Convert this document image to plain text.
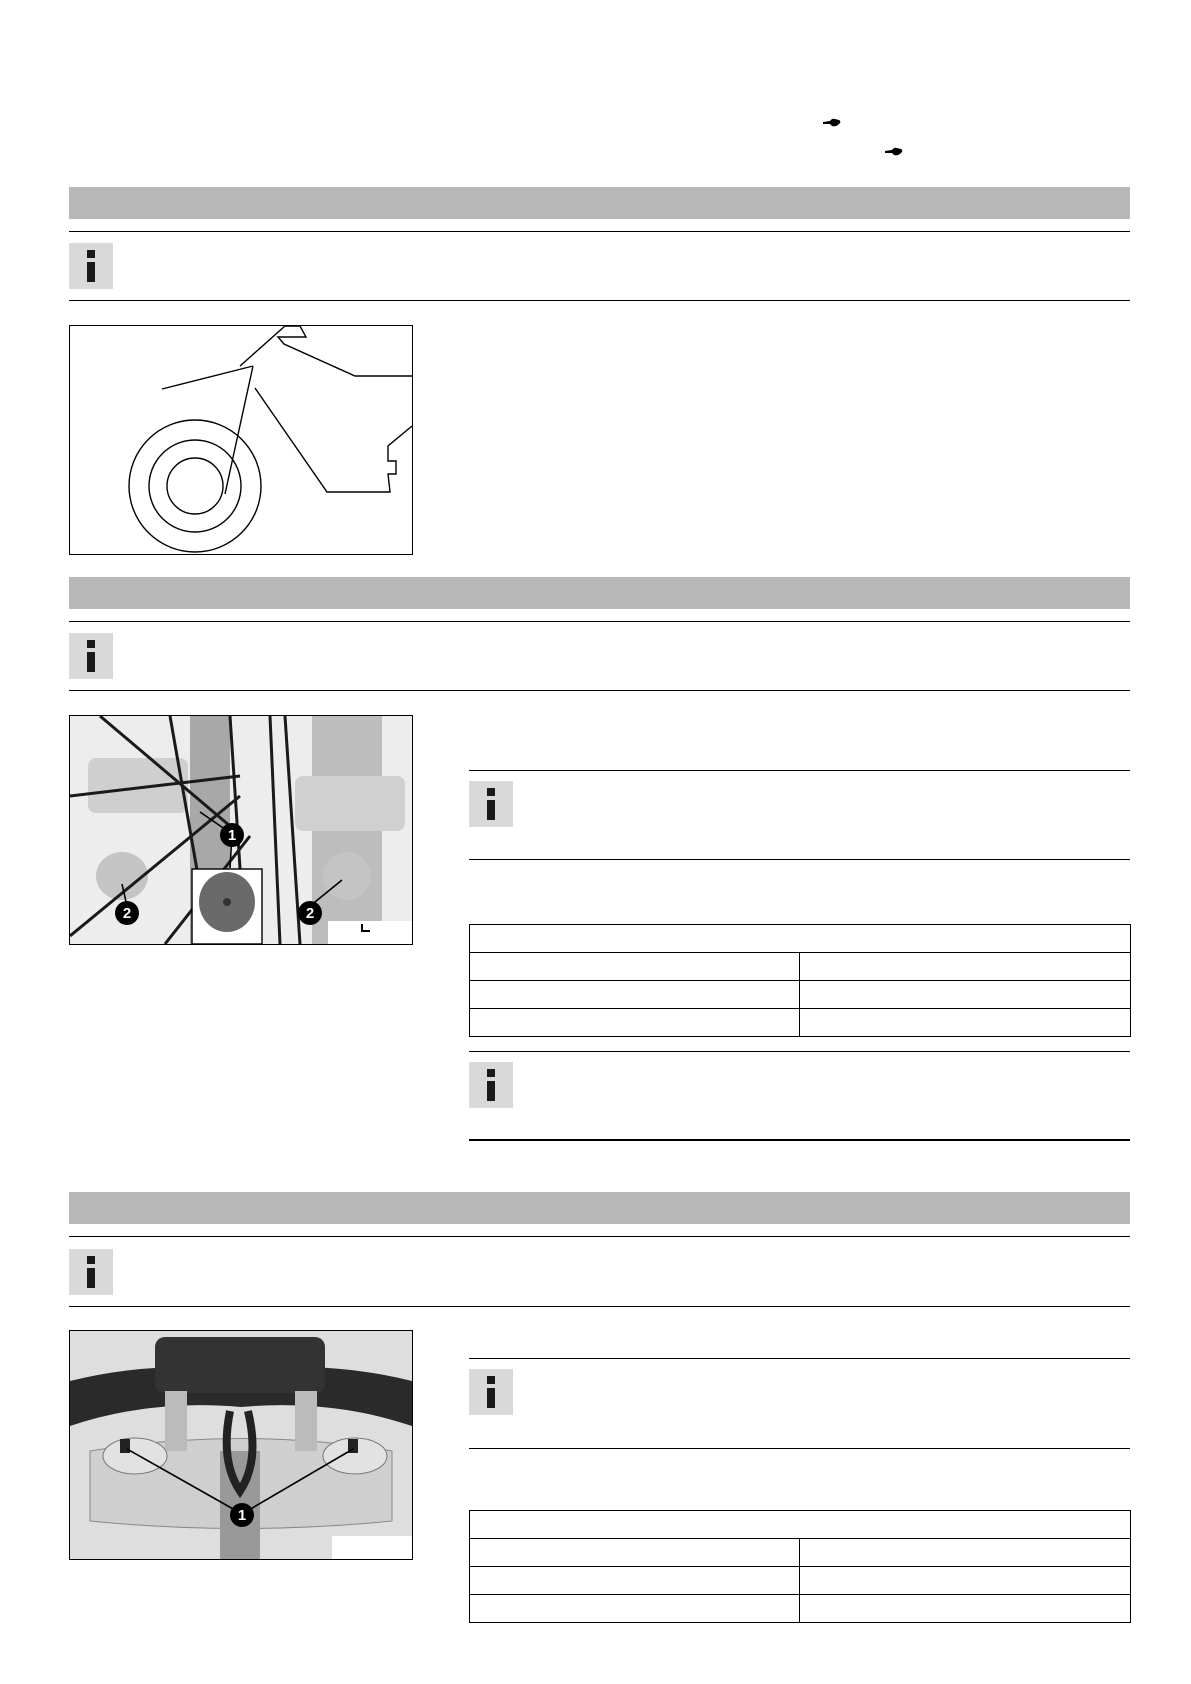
1
2	2

1
